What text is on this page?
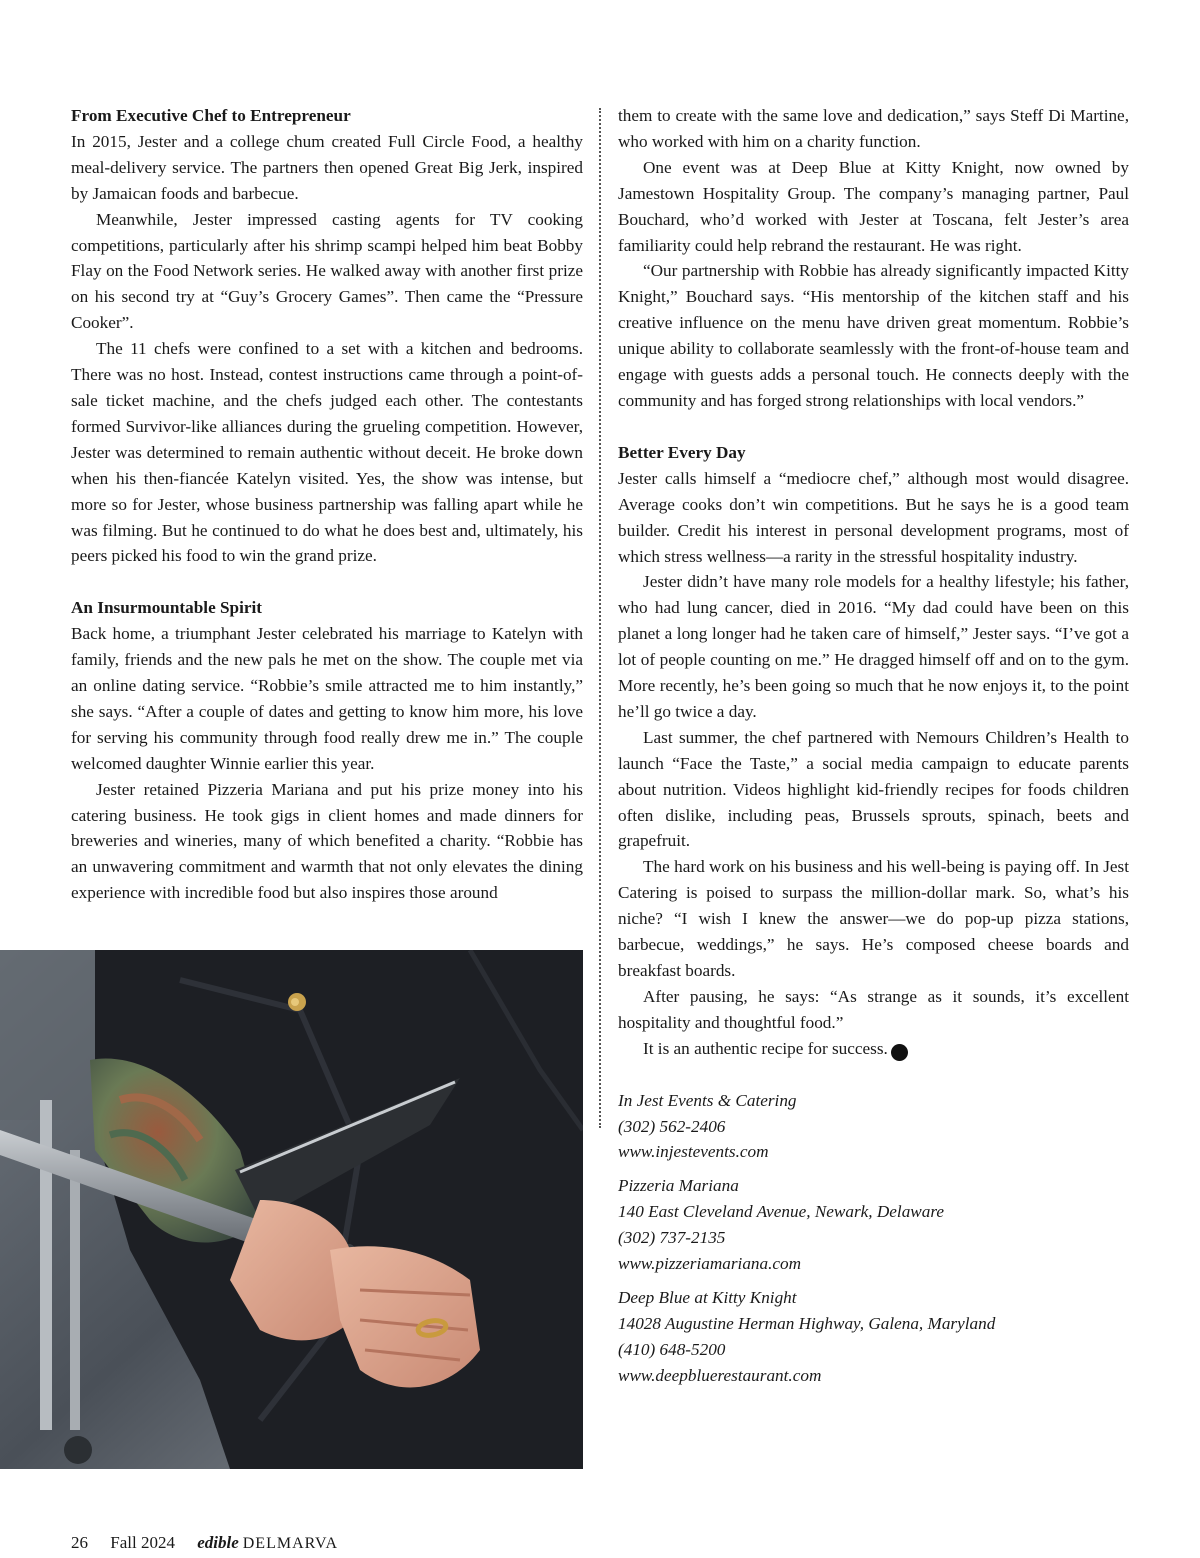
From Executive Chef to Entrepreneur

In 2015, Jester and a college chum created Full Circle Food, a healthy meal-delivery service. The partners then opened Great Big Jerk, inspired by Jamaican foods and barbecue.

Meanwhile, Jester impressed casting agents for TV cooking competitions, particularly after his shrimp scampi helped him beat Bobby Flay on the Food Network series. He walked away with another first prize on his second try at “Guy’s Grocery Games”. Then came the “Pressure Cooker”.

The 11 chefs were confined to a set with a kitchen and bedrooms. There was no host. Instead, contest instructions came through a point-of-sale ticket machine, and the chefs judged each other. The contestants formed Survivor-like alliances during the grueling competition. However, Jester was determined to remain authentic without deceit. He broke down when his then-fiancée Katelyn visited. Yes, the show was intense, but more so for Jester, whose business partnership was falling apart while he was filming. But he continued to do what he does best and, ultimately, his peers picked his food to win the grand prize.

An Insurmountable Spirit

Back home, a triumphant Jester celebrated his marriage to Katelyn with family, friends and the new pals he met on the show. The couple met via an online dating service. “Robbie’s smile attracted me to him instantly,” she says. “After a couple of dates and getting to know him more, his love for serving his community through food really drew me in.” The couple welcomed daughter Winnie earlier this year.

Jester retained Pizzeria Mariana and put his prize money into his catering business. He took gigs in client homes and made dinners for breweries and wineries, many of which benefited a charity. “Robbie has an unwavering commitment and warmth that not only elevates the dining experience with incredible food but also inspires those around

them to create with the same love and dedication,” says Steff Di Martine, who worked with him on a charity function.

One event was at Deep Blue at Kitty Knight, now owned by Jamestown Hospitality Group. The company’s managing partner, Paul Bouchard, who’d worked with Jester at Toscana, felt Jester’s area familiarity could help rebrand the restaurant. He was right.

“Our partnership with Robbie has already significantly impacted Kitty Knight,” Bouchard says. “His mentorship of the kitchen staff and his creative influence on the menu have driven great momentum. Robbie’s unique ability to collaborate seamlessly with the front-of-house team and engage with guests adds a personal touch. He connects deeply with the community and has forged strong relationships with local vendors.”

Better Every Day

Jester calls himself a “mediocre chef,” although most would disagree. Average cooks don’t win competitions. But he says he is a good team builder. Credit his interest in personal development programs, most of which stress wellness—a rarity in the stressful hospitality industry.

Jester didn’t have many role models for a healthy lifestyle; his father, who had lung cancer, died in 2016. “My dad could have been on this planet a long longer had he taken care of himself,” Jester says. “I’ve got a lot of people counting on me.” He dragged himself off and on to the gym. More recently, he’s been going so much that he now enjoys it, to the point he’ll go twice a day.

Last summer, the chef partnered with Nemours Children’s Health to launch “Face the Taste,” a social media campaign to educate parents about nutrition. Videos highlight kid-friendly recipes for foods children often dislike, including peas, Brussels sprouts, spinach, beets and grapefruit.

The hard work on his business and his well-being is paying off. In Jest Catering is poised to surpass the million-dollar mark. So, what’s his niche? “I wish I knew the answer—we do pop-up pizza stations, barbecue, weddings,” he says. He’s composed cheese boards and breakfast boards.

After pausing, he says: “As strange as it sounds, it’s excellent hospitality and thoughtful food.”

It is an authentic recipe for success. e

In Jest Events & Catering
(302) 562-2406
www.injestevents.com
Pizzeria Mariana
140 East Cleveland Avenue, Newark, Delaware
(302) 737-2135
www.pizzeriamariana.com
Deep Blue at Kitty Knight
14028 Augustine Herman Highway, Galena, Maryland
(410) 648-5200
www.deepbluerestaurant.com
26 Fall 2024 edible DELMARVA
